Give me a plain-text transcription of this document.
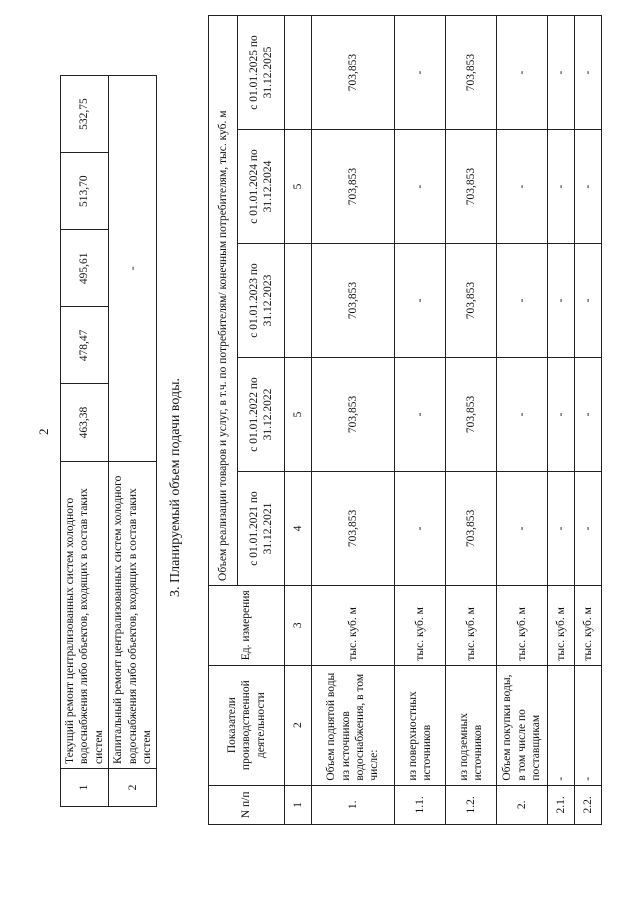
2
1	Текущий ремонт централизованных систем холодного водоснабжения либо объектов, входящих в состав таких систем	463,38	478,47	495,61	513,70	532,75
2	Капитальный ремонт централизованных систем холодного водоснабжения либо объектов, входящих в состав таких систем	-				
3. Планируемый объем подачи воды.
N п/п	Показатели производственной деятельности	Ед. измерения	Объем реализации товаров и услуг, в т.ч. по потребителям/ конечным потребителям, тыс. куб. м				
			с 01.01.2021 по 31.12.2021	с 01.01.2022 по 31.12.2022	с 01.01.2023 по 31.12.2023	с 01.01.2024 по 31.12.2024	с 01.01.2025 по 31.12.2025
1	2	3	4	5		5	
1.	Объем поднятой воды из источников водоснабжения, в том числе:	тыс. куб. м	703,853	703,853	703,853	703,853	703,853
1.1.	из поверхностных источников	тыс. куб. м	-	-	-	-	-
1.2.	из подземных источников	тыс. куб. м	703,853	703,853	703,853	703,853	703,853
2.	Объем покупки воды, в том числе по поставщикам	тыс. куб. м	-	-	-	-	-
2.1.	-	тыс. куб. м	-	-	-	-	-
2.2.	-	тыс. куб. м	-	-	-	-	-
